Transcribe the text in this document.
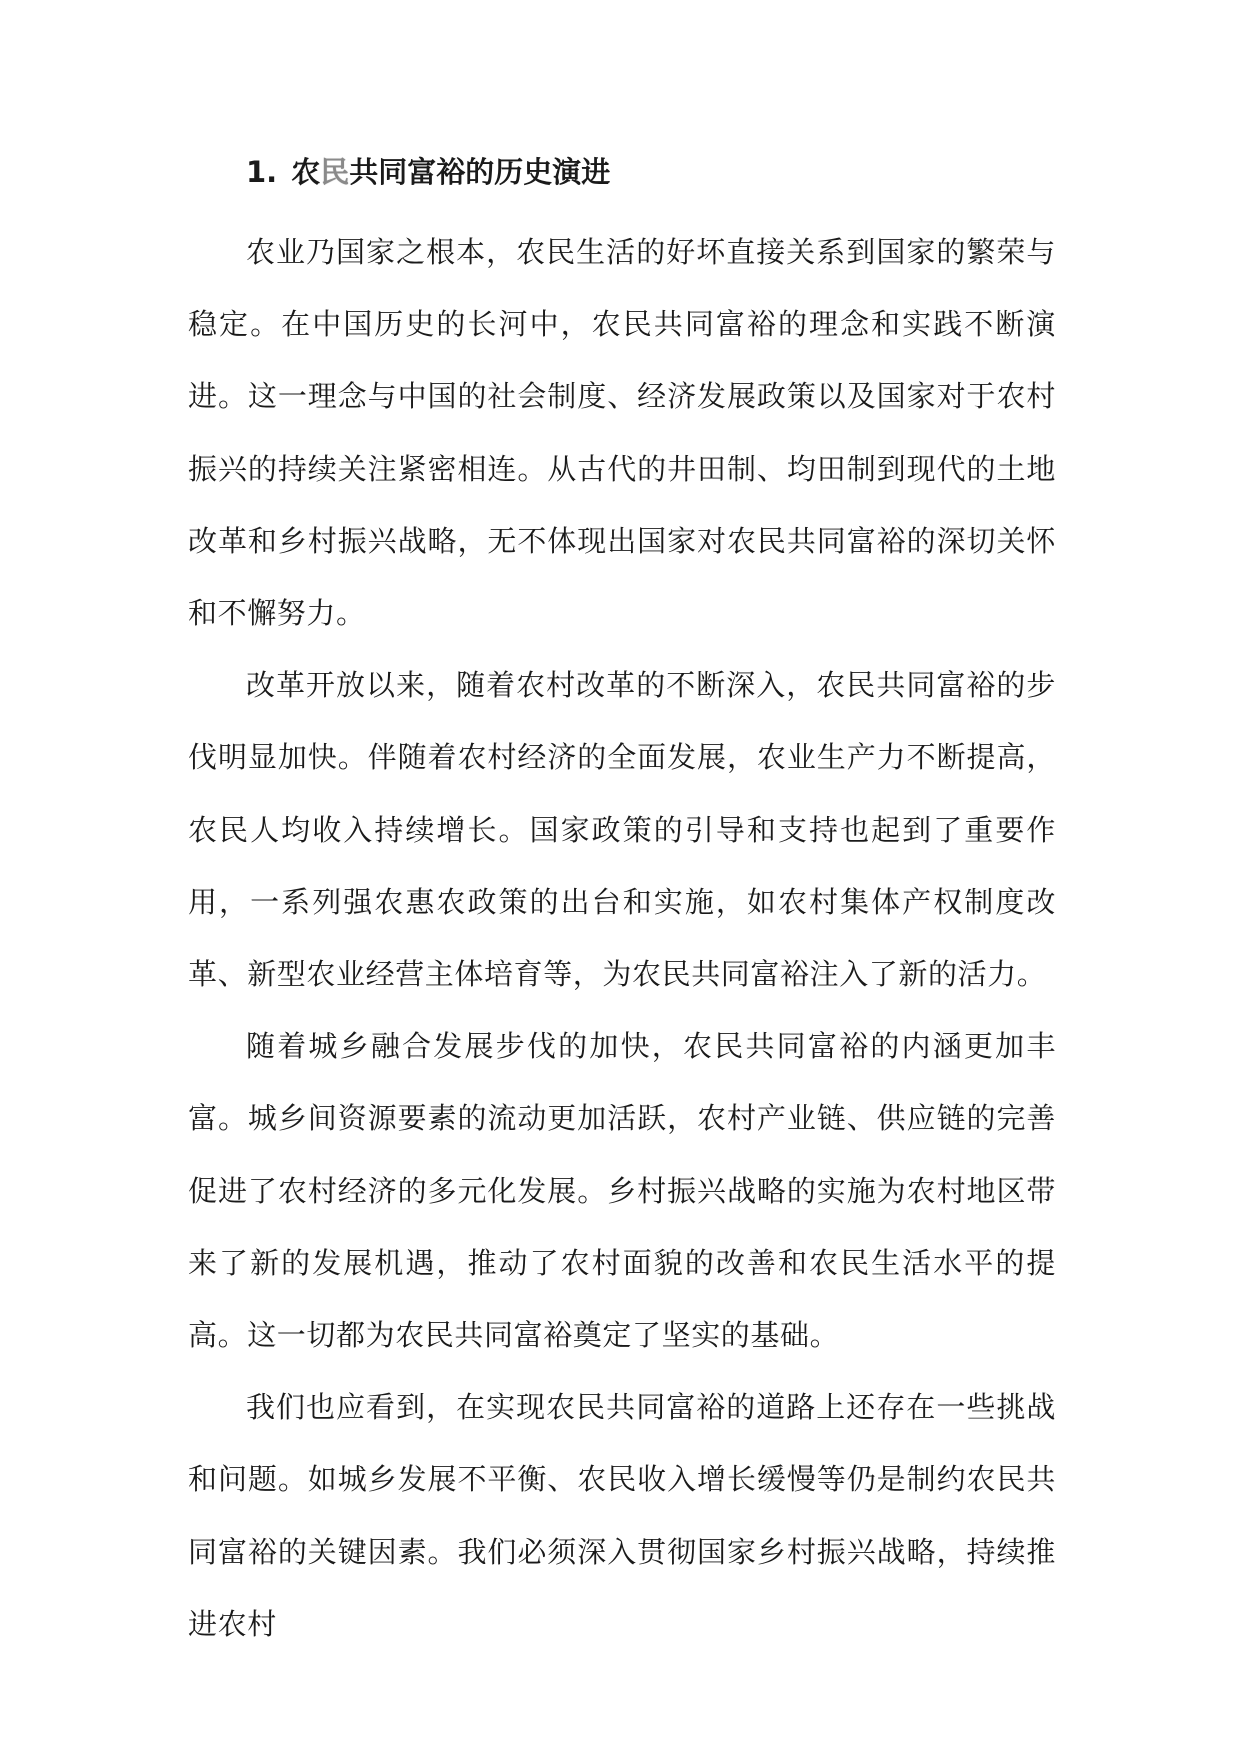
1. 农民共同富裕的历史演进

农业乃国家之根本，农民生活的好坏直接关系到国家的繁荣与稳定。在中国历史的长河中，农民共同富裕的理念和实践不断演进。这一理念与中国的社会制度、经济发展政策以及国家对于农村振兴的持续关注紧密相连。从古代的井田制、均田制到现代的土地改革和乡村振兴战略，无不体现出国家对农民共同富裕的深切关怀和不懈努力。

改革开放以来，随着农村改革的不断深入，农民共同富裕的步伐明显加快。伴随着农村经济的全面发展，农业生产力不断提高，农民人均收入持续增长。国家政策的引导和支持也起到了重要作用，一系列强农惠农政策的出台和实施，如农村集体产权制度改革、新型农业经营主体培育等，为农民共同富裕注入了新的活力。

随着城乡融合发展步伐的加快，农民共同富裕的内涵更加丰富。城乡间资源要素的流动更加活跃，农村产业链、供应链的完善促进了农村经济的多元化发展。乡村振兴战略的实施为农村地区带来了新的发展机遇，推动了农村面貌的改善和农民生活水平的提高。这一切都为农民共同富裕奠定了坚实的基础。

我们也应看到，在实现农民共同富裕的道路上还存在一些挑战和问题。如城乡发展不平衡、农民收入增长缓慢等仍是制约农民共同富裕的关键因素。我们必须深入贯彻国家乡村振兴战略，持续推进农村
